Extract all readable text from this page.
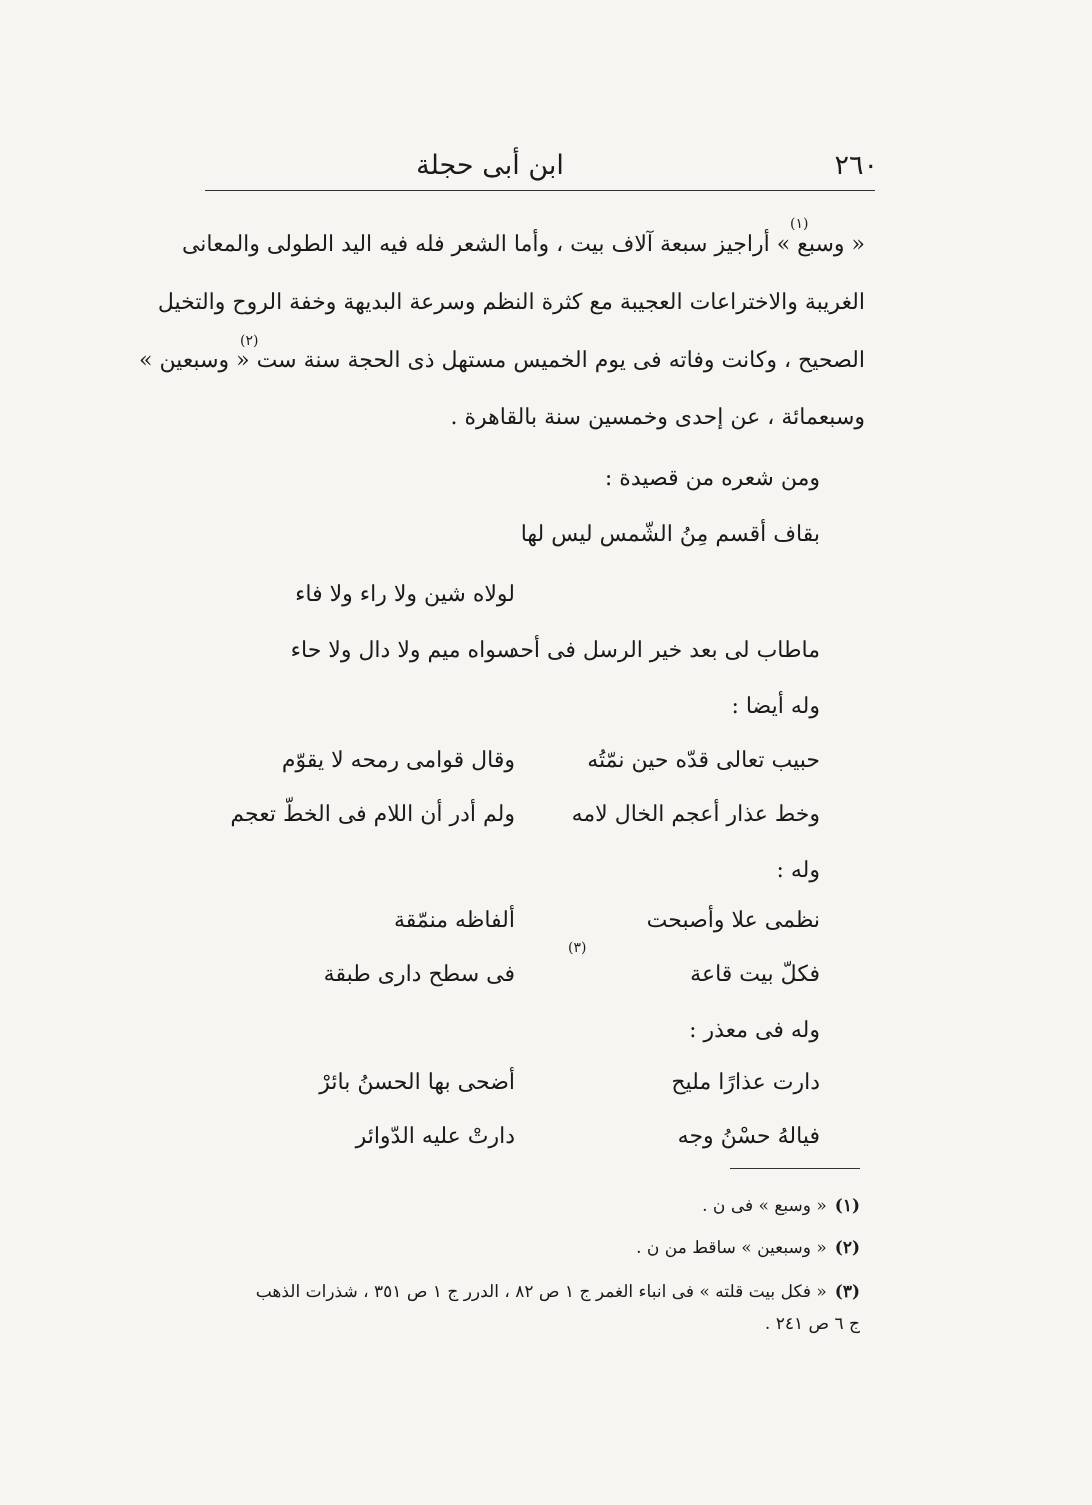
ابن أبى حجلة	٢٦٠
« وسبع » أراجيز سبعة آلاف بيت ، وأما الشعر فله فيه اليد الطولى والمعانى
(١)
الغريبة والاختراعات العجيبة مع كثرة النظم وسرعة البديهة وخفة الروح والتخيل
الصحيح ، وكانت وفاته فى يوم الخميس مستهل ذى الحجة سنة ست « وسبعين »
(٢)
وسبعمائة ، عن إحدى وخمسين سنة بالقاهرة .
ومن شعره من قصيدة :
بقاف أقسم مِنُ الشّمس ليس لها
لولاه شين ولا راء ولا فاء
ماطاب لى بعد خير الرسل فى أحد
سواه ميم ولا دال ولا حاء
وله أيضا :
حبيب تعالى قدّه حين نمّتُه
وقال قوامى رمحه لا يقوّم
وخط عذار أعجم الخال لامه
ولم أدر أن اللام فى الخطّ تعجم
وله :
نظمى علا وأصبحت
ألفاظه منمّقة
(٣)
فكلّ بيت قاعة
فى سطح دارى طبقة
وله فى معذر :
دارت عذارًا مليح
أضحى بها الحسنُ بائرْ
فيالهُ حسْنُ وجه
دارتْ عليه الدّوائر
(١)« وسبع » فى ن .
(٢)« وسبعين » ساقط من ن .
(٣)« فكل بيت قلته » فى انباء الغمر ج ١ ص ٨٢ ، الدرر ج ١ ص ٣٥١ ، شذرات الذهب
ج ٦ ص ٢٤١ .
